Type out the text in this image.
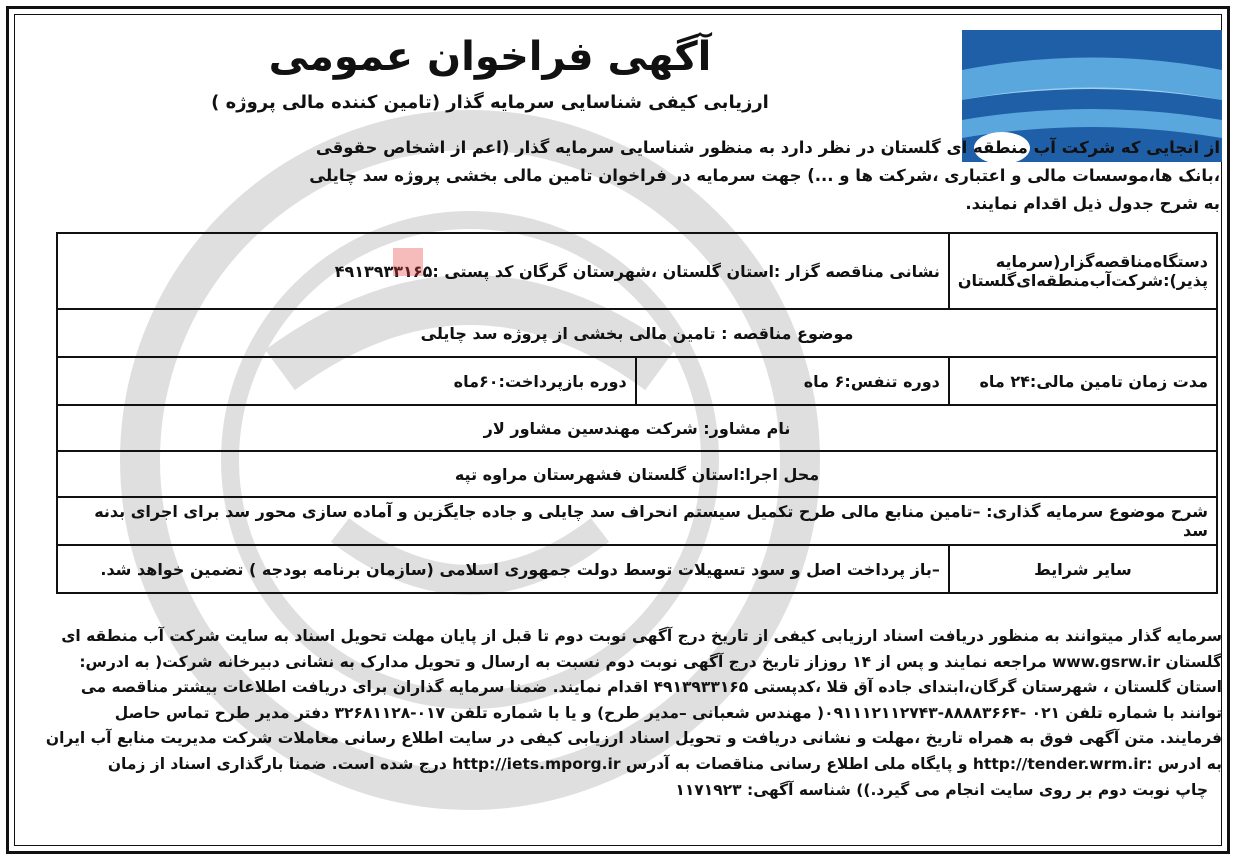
آگهی فراخوان عمومی
ارزیابی کیفی شناسایی سرمایه گذار (تامین کننده مالی پروژه )
از انجایی که شرکت آب منطقه ای گلستان در نظر دارد به منظور شناسایی سرمایه گذار (اعم از اشخاص حقوقی
،بانک ها،موسسات مالی و اعتباری ،شرکت ها و ...) جهت سرمایه در فراخوان تامین مالی بخشی پروژه سد چایلی
به شرح جدول ذیل اقدام نمایند.
دستگاه‌مناقصه‌گزار(سرمایه پذیر):شرکت‌آب‌منطقه‌ای‌گلستان	نشانی مناقصه گزار :استان گلستان ،شهرستان گرگان کد پستی :۴۹۱۳۹۳۳۱۶۵	
موضوع مناقصه : تامین مالی بخشی از پروژه سد چایلی		
مدت زمان تامین مالی:۲۴ ماه	دوره تنفس:۶ ماه	دوره بازپرداخت:۶۰ماه
نام مشاور: شرکت مهندسین مشاور لار		
محل اجرا:استان گلستان فشهرستان مراوه تپه		
شرح موضوع سرمایه گذاری: –تامین منابع مالی طرح تکمیل سیستم انحراف سد چایلی و جاده جایگزین و آماده سازی محور سد برای اجرای بدنه سد		
سایر شرایط	–باز پرداخت اصل و سود تسهیلات توسط دولت جمهوری اسلامی (سازمان برنامه بودجه ) تضمین خواهد شد.	
سرمایه گذار میتوانند به منظور دریافت اسناد ارزیابی کیفی از تاریخ درج آگهی نوبت دوم تا قبل از پایان مهلت تحویل اسناد به سایت شرکت آب منطقه ای
گلستان www.gsrw.ir مراجعه نمایند و پس از ۱۴ روزاز تاریخ درج آگهی نوبت دوم نسبت به ارسال و تحویل مدارک به نشانی دبیرخانه شرکت( به ادرس:
استان گلستان ، شهرستان گرگان،ابتدای جاده آق قلا ،کدپستی ۴۹۱۳۹۳۳۱۶۵ اقدام نمایند. ضمنا سرمایه گذاران برای دریافت اطلاعات بیشتر مناقصه می
توانند با شماره تلفن ۰۲۱ -۸۸۸۸۳۶۶۴-۰۹۱۱۱۲۱۱۲۷۴۳( مهندس شعبانی –مدیر طرح) و یا با شماره تلفن ۰۱۷-۳۲۶۸۱۱۲۸ دفتر مدیر طرح تماس حاصل
فرمایند. متن آگهی فوق به همراه تاریخ ،مهلت و نشانی دریافت و تحویل اسناد ارزیابی کیفی در سایت اطلاع رسانی معاملات شرکت مدیریت منابع آب ایران
به ادرس :http://tender.wrm.ir و پایگاه ملی اطلاع رسانی مناقصات به آدرس http://iets.mporg.ir درج شده است. ضمنا بارگذاری اسناد از زمان
چاپ نوبت دوم بر روی سایت انجام می گیرد.)) شناسه آگهی: ۱۱۷۱۹۲۳
